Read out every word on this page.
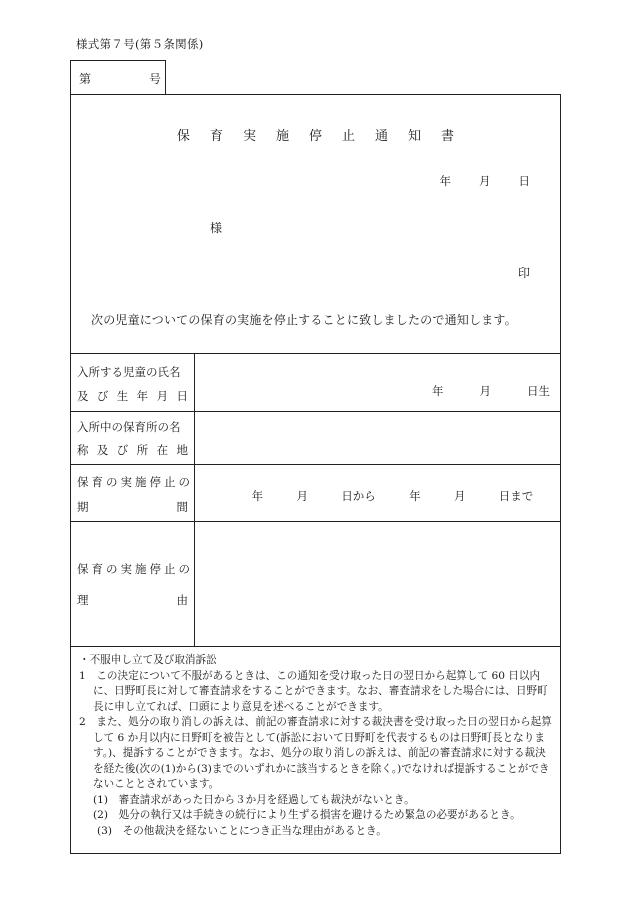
様式第７号(第５条関係)
第	号
保 育 実 施 停 止 通 知 書
年 月 日
様
印
次の児童についての保育の実施を停止することに致しましたので通知します。
入所する児童の氏名
及 び 生 年 月 日	年	月	日生
入所中の保育所の名
称 及 び 所 在 地
保育の実施停止の
期	間
年	月	日から	年	月	日まで
保育の実施停止の
理	由

・不服申し立て及び取消訴訟

1　この決定について不服があるときは、この通知を受け取った日の翌日から起算して 60 日以内に、日野町長に対して審査請求をすることができます。なお、審査請求をした場合には、日野町長に申し立てれば、口頭により意見を述べることができます。

2　また、処分の取り消しの訴えは、前記の審査請求に対する裁決書を受け取った日の翌日から起算して 6 か月以内に日野町を被告として(訴訟において日野町を代表するものは日野町長となります。)、提訴することができます。なお、処分の取り消しの訴えは、前記の審査請求に対する裁決を経た後(次の(1)から(3)までのいずれかに該当するときを除く。)でなければ提訴することができないこととされています。

(1)　審査請求があった日から３か月を経過しても裁決がないとき。

(2)　処分の執行又は手続きの続行により生ずる損害を避けるため緊急の必要があるとき。

(3)　その他裁決を経ないことにつき正当な理由があるとき。
